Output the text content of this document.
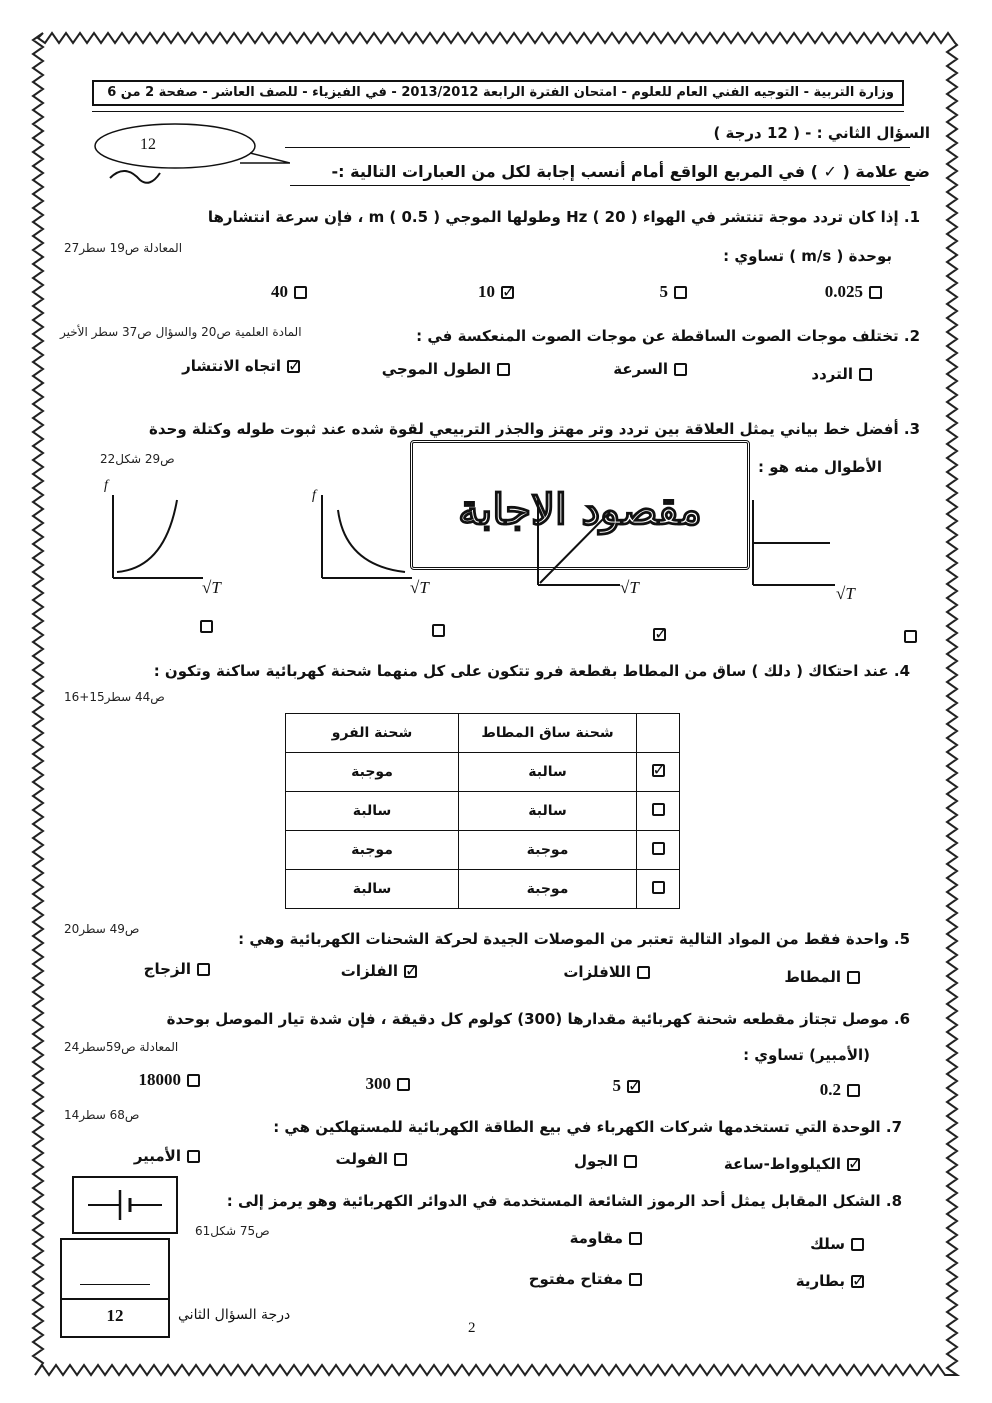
وزارة التربية - التوجيه الفني العام للعلوم - امتحان الفترة الرابعة 2013/2012 - في الفيزياء - للصف العاشر - صفحة 2 من 6
السؤال الثاني : - ( 12 درجة )
12
ضع علامة ( ✓ ) في المربع الواقع أمام أنسب إجابة لكل من العبارات التالية :-
1. إذا كان تردد موجة تنتشر في الهواء Hz ( 20 ) وطولها الموجي m ( 0.5 ) ، فإن سرعة انتشارها
المعادلة ص19 سطر27	بوحدة ( m/s ) تساوي :
0.025
5
✓
10
40
2. تختلف موجات الصوت الساقطة عن موجات الصوت المنعكسة في :
المادة العلمية ص20 والسؤال ص37 سطر الأخير
التردد
السرعة
الطول الموجي
✓
اتجاه الانتشار
3. أفضل خط بياني يمثل العلاقة بين تردد وتر مهتز والجذر التربيعي لقوة شده عند ثبوت طوله وكتلة وحدة
ص29 شكل22	الأطوال منه هو :
مقصود الاجابة
f
√T
f
√T	√T	√T
✓
4. عند احتكاك ( دلك ) ساق من المطاط بقطعة فرو تتكون على كل منهما شحنة كهربائية ساكنة وتكون :
ص44 سطر15+16
	شحنة ساق المطاط	شحنة الفرو
✓	سالبة	موجبة
	سالبة	سالبة
	موجبة	موجبة
	موجبة	سالبة
5. واحدة فقط من المواد التالية تعتبر من الموصلات الجيدة لحركة الشحنات الكهربائية وهي :
ص49 سطر20
المطاط
اللافلزات
✓
الفلزات
الزجاج
6. موصل تجتاز مقطعه شحنة كهربائية مقدارها (300) كولوم كل دقيقة ، فإن شدة تيار الموصل بوحدة
المعادلة ص59سطر24	(الأمبير) تساوي :
0.2
✓
5
300
18000
7. الوحدة التي تستخدمها شركات الكهرباء في بيع الطاقة الكهربائية للمستهلكين هي :
ص68 سطر14
✓
الكيلوواط-ساعة
الجول
الفولت
الأمبير
8. الشكل المقابل يمثل أحد الرموز الشائعة المستخدمة في الدوائر الكهربائية وهو يرمز إلى :
ص75 شكل61
سلك
مقاومة
✓
بطارية
مفتاح مفتوح
12	درجة السؤال الثاني
2
